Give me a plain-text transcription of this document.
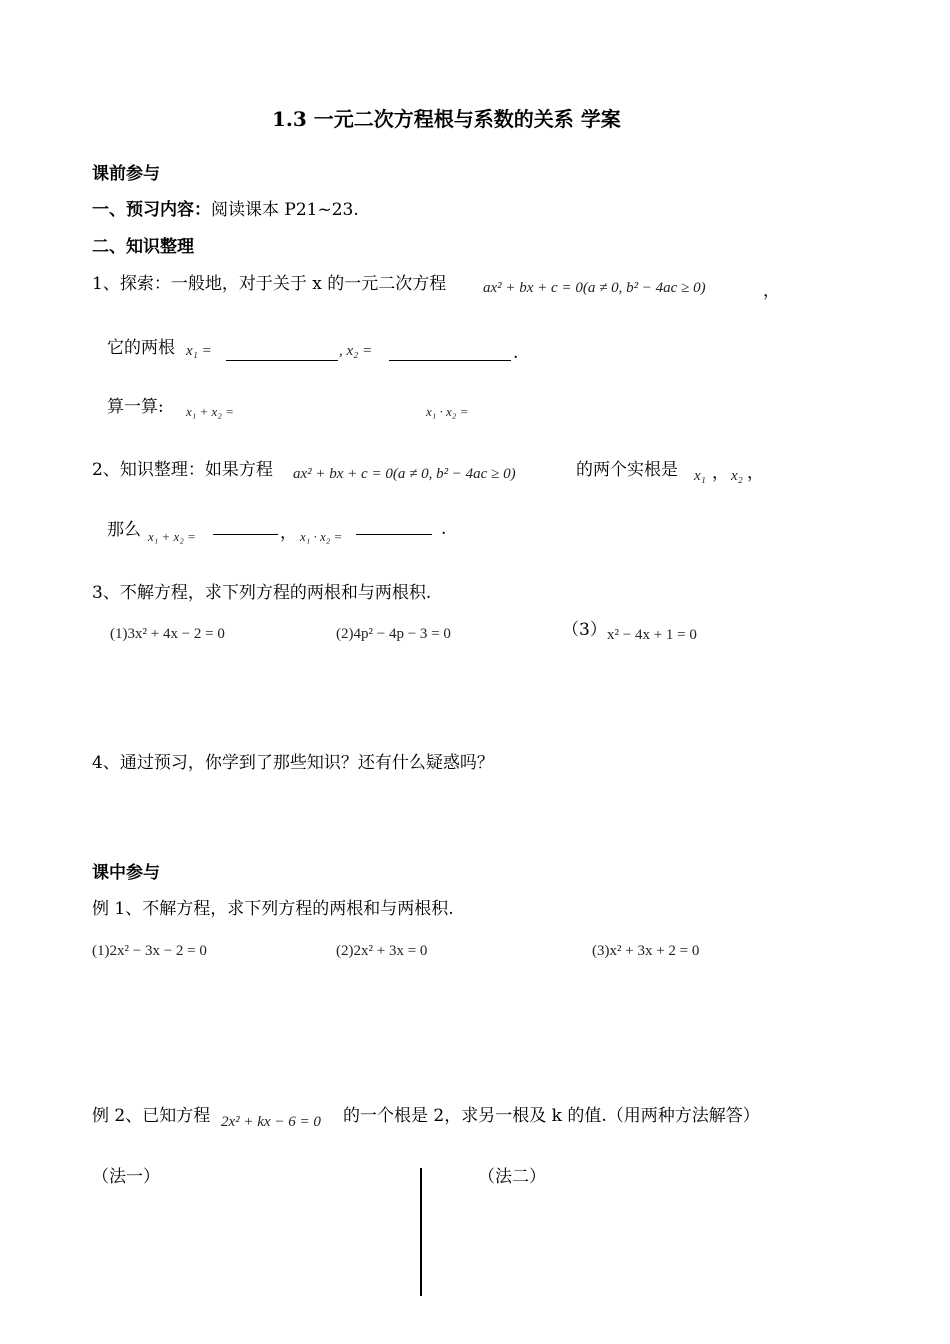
1.3 一元二次方程根与系数的关系 学案
课前参与
一、预习内容：阅读课本 P21~23.
二、知识整理
1、探索：一般地，对于关于 x 的一元二次方程 ax² + bx + c = 0(a ≠ 0, b² − 4ac ≥ 0)	，
它的两根 x₁ =	, x₂ =	.
算一算: x₁ + x₂ =	x₁ · x₂ =
2、知识整理：如果方程 ax² + bx + c = 0(a ≠ 0, b² − 4ac ≥ 0)	的两个实根是 x₁ ， x₂ ，
那么 x₁ + x₂ =	， x₁ · x₂ =	.
3、不解方程，求下列方程的两根和与两根积.
(1)3x² + 4x − 2 = 0	(2)4p² − 4p − 3 = 0	（3） x² − 4x + 1 = 0
4、通过预习，你学到了那些知识？还有什么疑惑吗？
课中参与
例 1、不解方程，求下列方程的两根和与两根积.
(1)2x² − 3x − 2 = 0	(2)2x² + 3x = 0	(3)x² + 3x + 2 = 0
例 2、已知方程 2x² + kx − 6 = 0 的一个根是 2，求另一根及 k 的值.（用两种方法解答）
（法一）	（法二）
